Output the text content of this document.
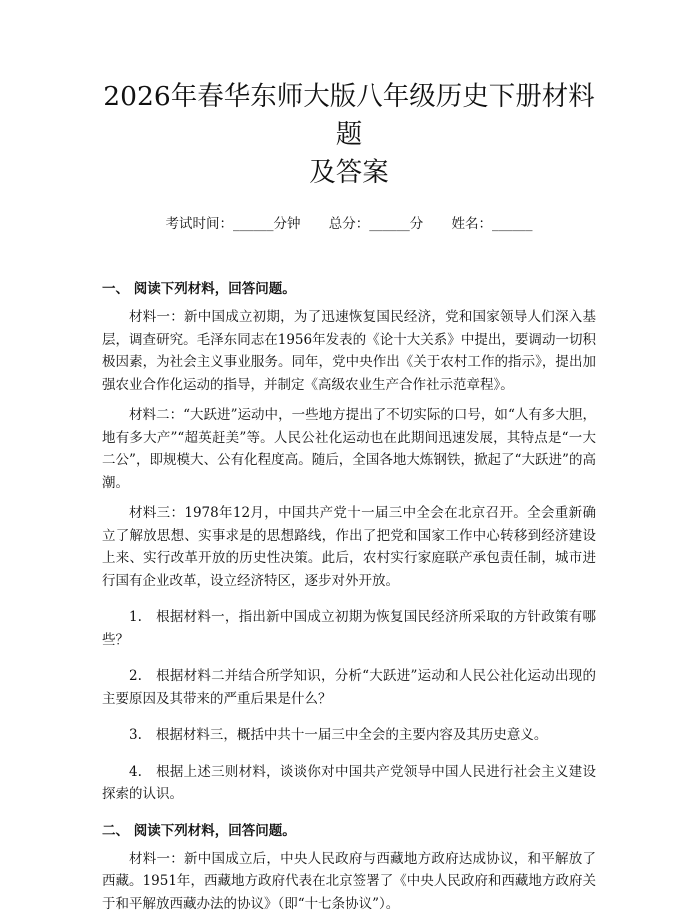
2026年春华东师大版八年级历史下册材料题
及答案
考试时间：______分钟 总分：______分 姓名：______
一、 阅读下列材料，回答问题。

材料一：新中国成立初期，为了迅速恢复国民经济，党和国家领导人们深入基层，调查研究。毛泽东同志在1956年发表的《论十大关系》中提出，要调动一切积极因素，为社会主义事业服务。同年，党中央作出《关于农村工作的指示》，提出加强农业合作化运动的指导，并制定《高级农业生产合作社示范章程》。

材料二：“大跃进”运动中，一些地方提出了不切实际的口号，如“人有多大胆，地有多大产”“超英赶美”等。人民公社化运动也在此期间迅速发展，其特点是“一大二公”，即规模大、公有化程度高。随后，全国各地大炼钢铁，掀起了“大跃进”的高潮。

材料三：1978年12月，中国共产党十一届三中全会在北京召开。全会重新确立了解放思想、实事求是的思想路线，作出了把党和国家工作中心转移到经济建设上来、实行改革开放的历史性决策。此后，农村实行家庭联产承包责任制，城市进行国有企业改革，设立经济特区，逐步对外开放。

1. 根据材料一，指出新中国成立初期为恢复国民经济所采取的方针政策有哪些？

2. 根据材料二并结合所学知识，分析“大跃进”运动和人民公社化运动出现的主要原因及其带来的严重后果是什么？

3. 根据材料三，概括中共十一届三中全会的主要内容及其历史意义。

4. 根据上述三则材料，谈谈你对中国共产党领导中国人民进行社会主义建设探索的认识。

二、 阅读下列材料，回答问题。

材料一：新中国成立后，中央人民政府与西藏地方政府达成协议，和平解放了西藏。1951年，西藏地方政府代表在北京签署了《中央人民政府和西藏地方政府关于和平解放西藏办法的协议》（即“十七条协议”）。
